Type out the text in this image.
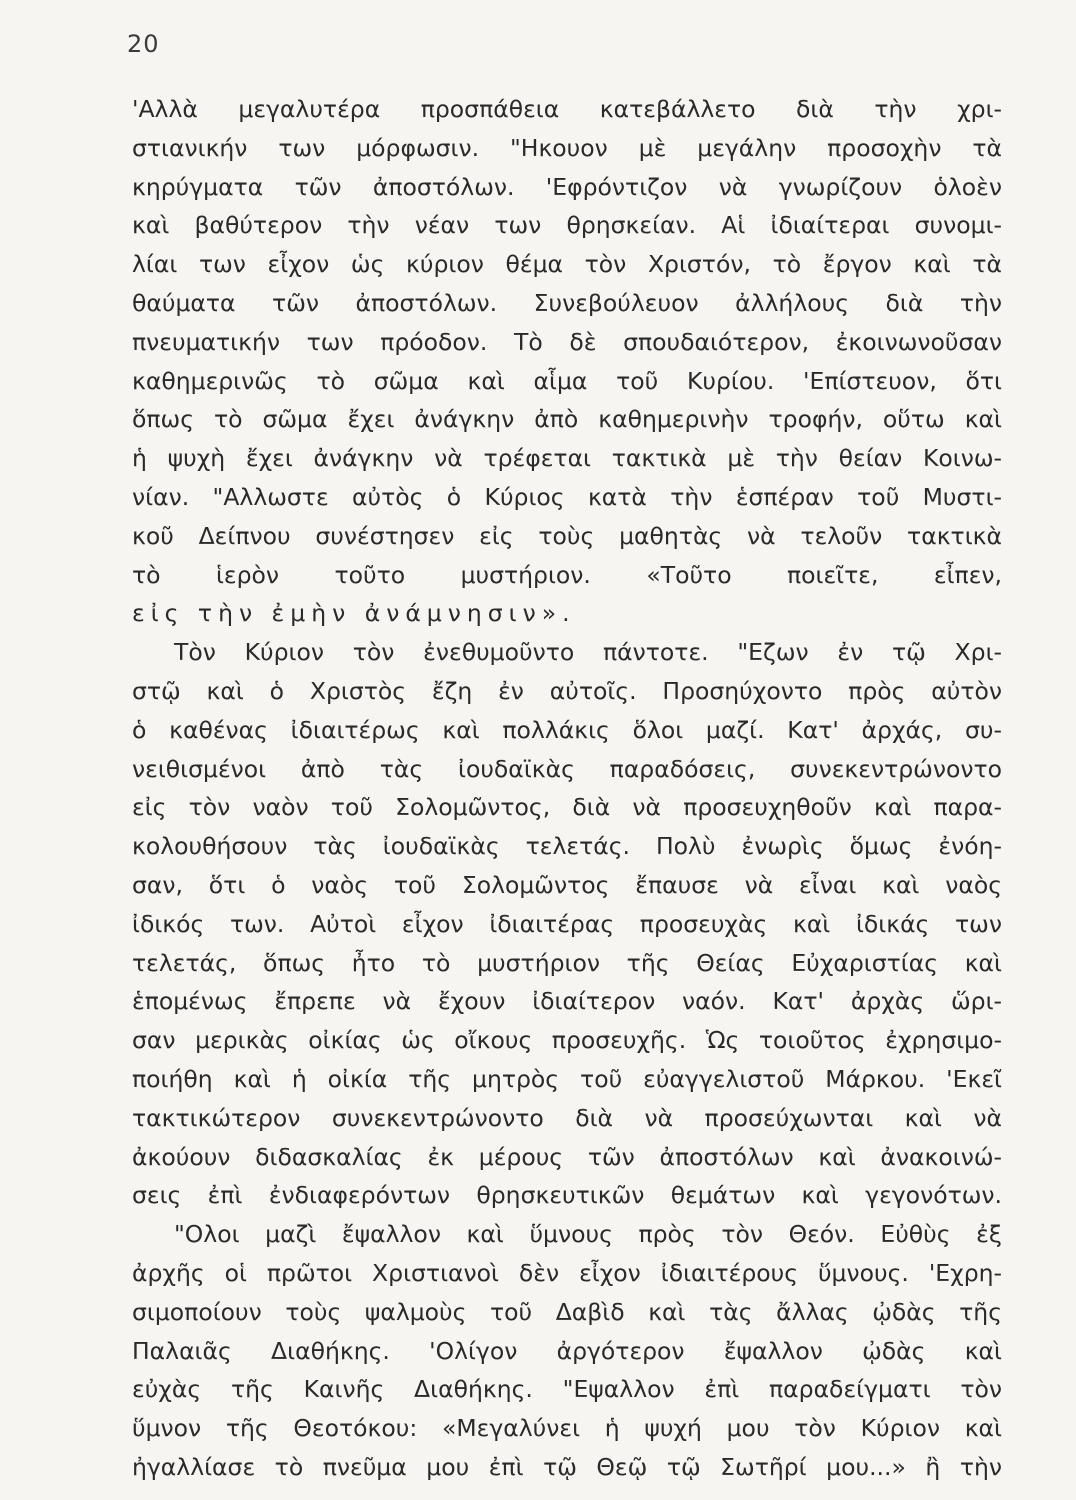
20
'Αλλὰ μεγαλυτέρα προσπάθεια κατεβάλλετο διὰ τὴν χρι-
στιανικήν των μόρφωσιν. "Ηκουον μὲ μεγάλην προσοχὴν τὰ
κηρύγματα τῶν ἀποστόλων. 'Εφρόντιζον νὰ γνωρίζουν ὁλοὲν
καὶ βαθύτερον τὴν νέαν των θρησκείαν. Αἱ ἰδιαίτεραι συνομι-
λίαι των εἶχον ὡς κύριον θέμα τὸν Χριστόν, τὸ ἔργον καὶ τὰ
θαύματα τῶν ἀποστόλων. Συνεβούλευον ἀλλήλους διὰ τὴν
πνευματικήν των πρόοδον. Τὸ δὲ σπουδαιότερον, ἐκοινωνοῦσαν
καθημερινῶς τὸ σῶμα καὶ αἷμα τοῦ Κυρίου. 'Επίστευον, ὅτι
ὅπως τὸ σῶμα ἔχει ἀνάγκην ἀπὸ καθημερινὴν τροφήν, οὕτω καὶ
ἡ ψυχὴ ἔχει ἀνάγκην νὰ τρέφεται τακτικὰ μὲ τὴν θείαν Κοινω-
νίαν. "Αλλωστε αὐτὸς ὁ Κύριος κατὰ τὴν ἑσπέραν τοῦ Μυστι-
κοῦ Δείπνου συνέστησεν εἰς τοὺς μαθητὰς νὰ τελοῦν τακτικὰ
τὸ ἱερὸν τοῦτο μυστήριον. «Τοῦτο ποιεῖτε, εἶπεν,
εἰς τὴν ἐμὴν ἀνάμνησιν».
Τὸν Κύριον τὸν ἐνεθυμοῦντο πάντοτε. "Εζων ἐν τῷ Χρι-
στῷ καὶ ὁ Χριστὸς ἔζη ἐν αὐτοῖς. Προσηύχοντο πρὸς αὐτὸν
ὁ καθένας ἰδιαιτέρως καὶ πολλάκις ὅλοι μαζί. Κατ' ἀρχάς, συ-
νειθισμένοι ἀπὸ τὰς ἰουδαϊκὰς παραδόσεις, συνεκεντρώνοντο
εἰς τὸν ναὸν τοῦ Σολομῶντος, διὰ νὰ προσευχηθοῦν καὶ παρα-
κολουθήσουν τὰς ἰουδαϊκὰς τελετάς. Πολὺ ἐνωρὶς ὅμως ἐνόη-
σαν, ὅτι ὁ ναὸς τοῦ Σολομῶντος ἔπαυσε νὰ εἶναι καὶ ναὸς
ἰδικός των. Αὐτοὶ εἶχον ἰδιαιτέρας προσευχὰς καὶ ἰδικάς των
τελετάς, ὅπως ἦτο τὸ μυστήριον τῆς Θείας Εὐχαριστίας καὶ
ἑπομένως ἔπρεπε νὰ ἔχουν ἰδιαίτερον ναόν. Κατ' ἀρχὰς ὥρι-
σαν μερικὰς οἰκίας ὡς οἴκους προσευχῆς. Ὡς τοιοῦτος ἐχρησιμο-
ποιήθη καὶ ἡ οἰκία τῆς μητρὸς τοῦ εὐαγγελιστοῦ Μάρκου. 'Εκεῖ
τακτικώτερον συνεκεντρώνοντο διὰ νὰ προσεύχωνται καὶ νὰ
ἀκούουν διδασκαλίας ἐκ μέρους τῶν ἀποστόλων καὶ ἀνακοινώ-
σεις ἐπὶ ἐνδιαφερόντων θρησκευτικῶν θεμάτων καὶ γεγονότων.
"Ολοι μαζὶ ἔψαλλον καὶ ὕμνους πρὸς τὸν Θεόν. Εὐθὺς ἐξ
ἀρχῆς οἱ πρῶτοι Χριστιανοὶ δὲν εἶχον ἰδιαιτέρους ὕμνους. 'Εχρη-
σιμοποίουν τοὺς ψαλμοὺς τοῦ Δαβὶδ καὶ τὰς ἄλλας ᾠδὰς τῆς
Παλαιᾶς Διαθήκης. 'Ολίγον ἀργότερον ἔψαλλον ᾠδὰς καὶ
εὐχὰς τῆς Καινῆς Διαθήκης. "Εψαλλον ἐπὶ παραδείγματι τὸν
ὕμνον τῆς Θεοτόκου: «Μεγαλύνει ἡ ψυχή μου τὸν Κύριον καὶ
ἠγαλλίασε τὸ πνεῦμα μου ἐπὶ τῷ Θεῷ τῷ Σωτῆρί μου...» ἢ τὴν
